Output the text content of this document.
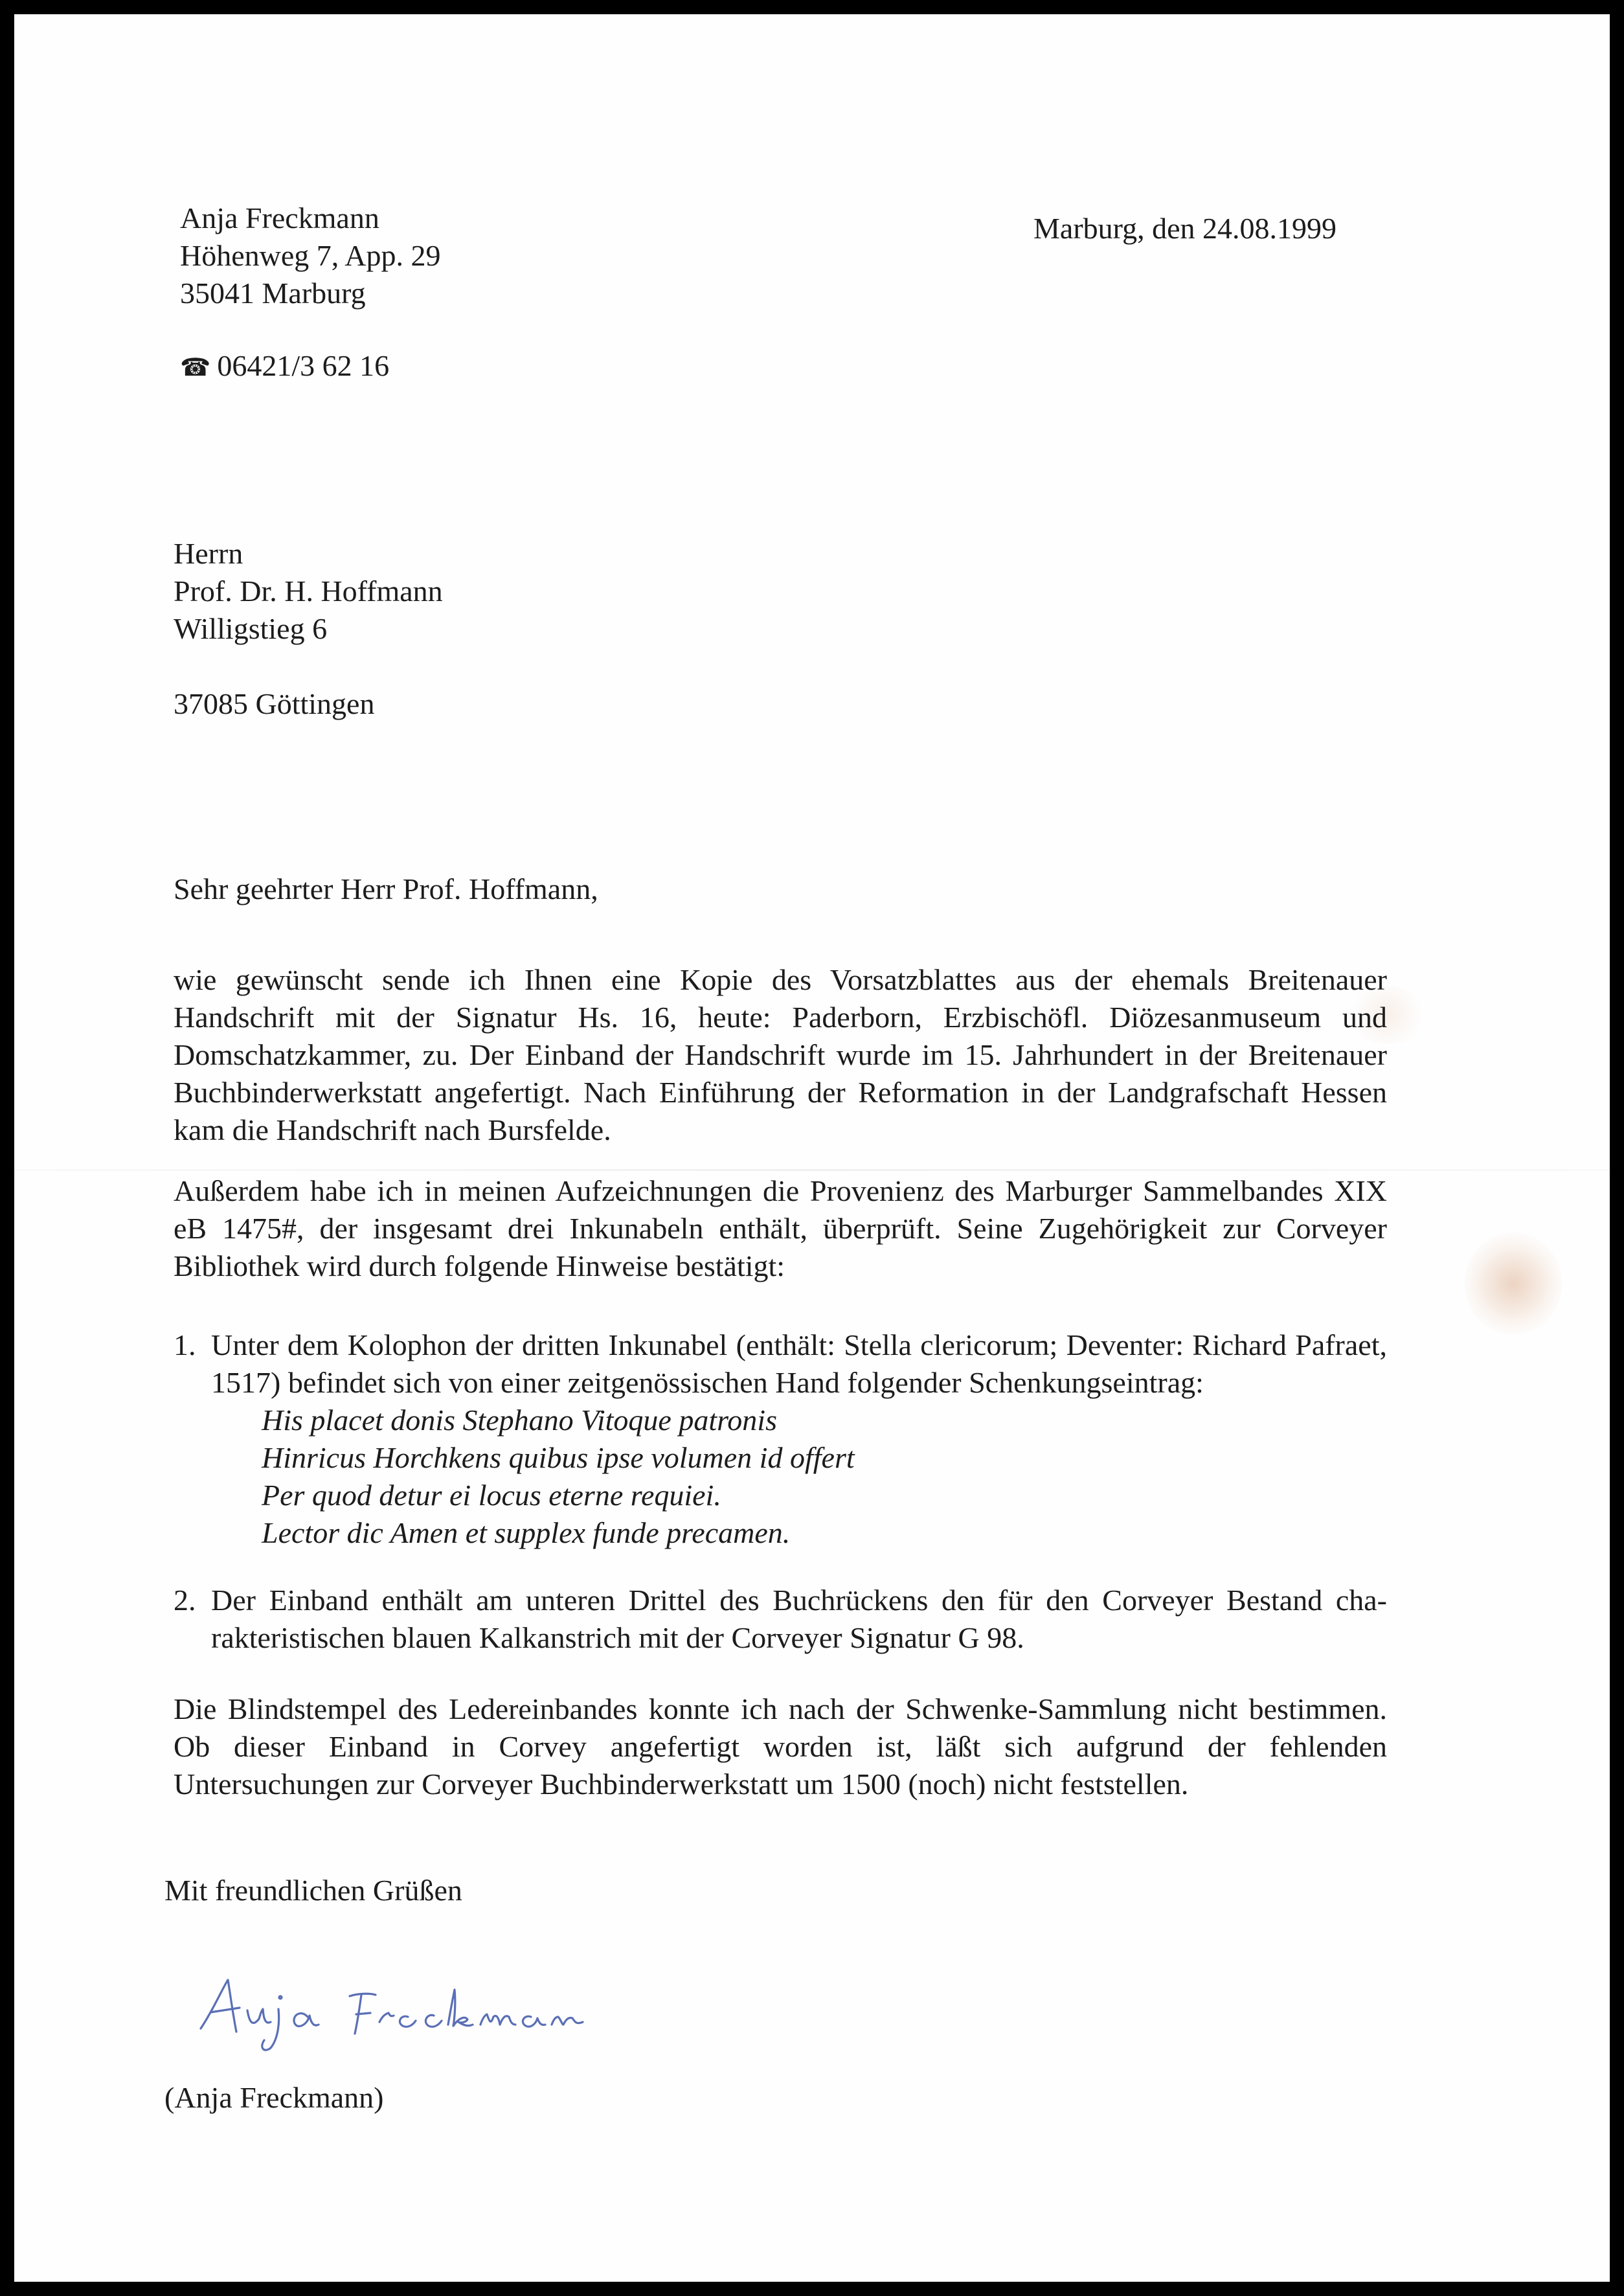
Anja Freckmann
Höhenweg 7, App. 29
35041 Marburg
☎ 06421/3 62 16
Marburg, den 24.08.1999
Herrn
Prof. Dr. H. Hoffmann
Willigstieg 6
37085 Göttingen
Sehr geehrter Herr Prof. Hoffmann,
wie gewünscht sende ich Ihnen eine Kopie des Vorsatzblattes aus der ehemals Breitenauer Handschrift mit der Signatur Hs. 16, heute: Paderborn, Erzbischöfl. Diözesanmuseum und Domschatzkammer, zu. Der Einband der Handschrift wurde im 15. Jahrhundert in der Breitenauer Buchbinderwerkstatt angefertigt. Nach Einführung der Reformation in der Landgrafschaft Hessen kam die Handschrift nach Bursfelde.
Außerdem habe ich in meinen Aufzeichnungen die Provenienz des Marburger Sammelbandes XIX eB 1475#, der insgesamt drei Inkunabeln enthält, überprüft. Seine Zugehörigkeit zur Corveyer Bibliothek wird durch folgende Hinweise bestätigt:
1. Unter dem Kolophon der dritten Inkunabel (enthält: Stella clericorum; Deventer: Richard Pafraet, 1517) befindet sich von einer zeitgenössischen Hand folgender Schenkungseintrag:
His placet donis Stephano Vitoque patronis
Hinricus Horchkens quibus ipse volumen id offert
Per quod detur ei locus eterne requiei.
Lector dic Amen et supplex funde precamen.
2. Der Einband enthält am unteren Drittel des Buchrückens den für den Corveyer Bestand charakteristischen blauen Kalkanstrich mit der Corveyer Signatur G 98.
Die Blindstempel des Ledereinbandes konnte ich nach der Schwenke-Sammlung nicht bestimmen. Ob dieser Einband in Corvey angefertigt worden ist, läßt sich aufgrund der fehlenden Untersuchungen zur Corveyer Buchbinderwerkstatt um 1500 (noch) nicht feststellen.
Mit freundlichen Grüßen
(Anja Freckmann)
